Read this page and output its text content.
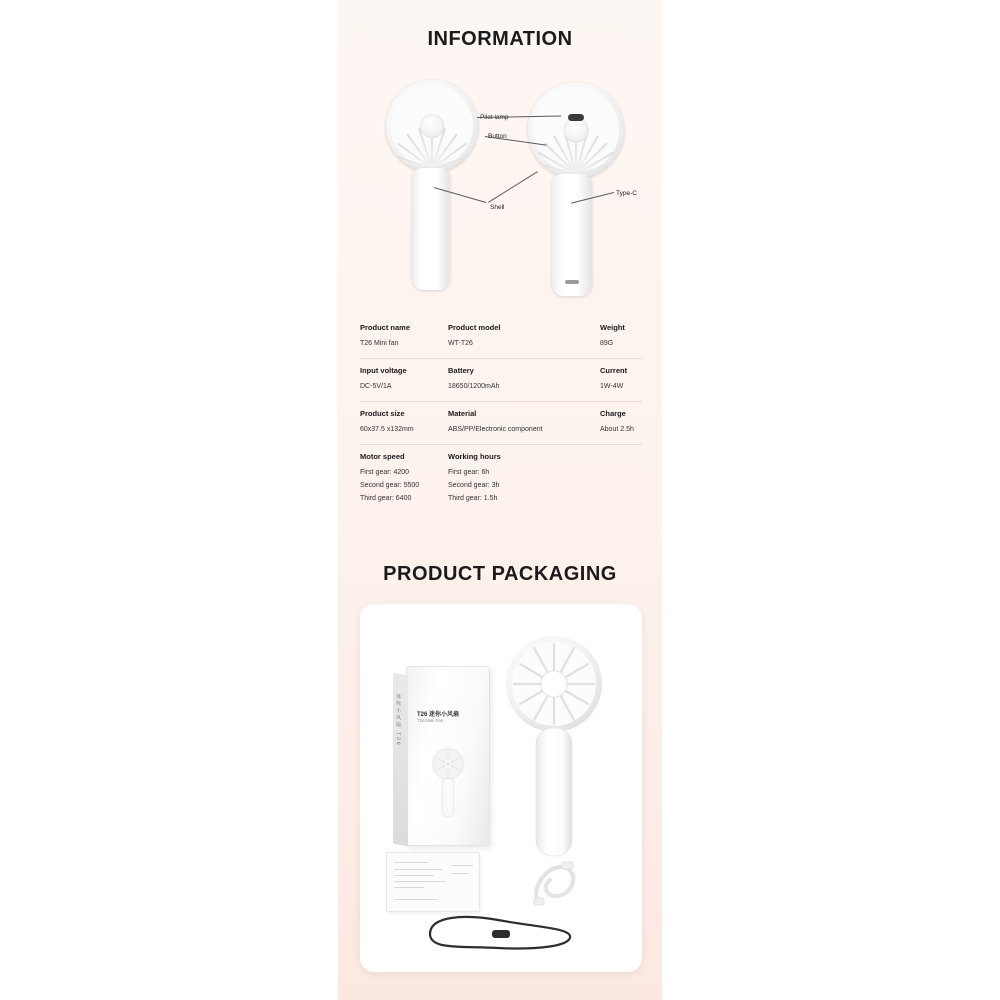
INFORMATION
Pilot lamp
Button
Shell
Type-C
Product name
T26 Mini fan
Product model
WT-T26
Weight
89G
Input voltage
DC-5V/1A
Battery
18650/1200mAh
Current
1W-4W
Product size
60x37.5 x132mm
Material
ABS/PP/Electronic component
Charge
About 2.5h
Motor speed
First gear: 4200
Second gear: 5500
Third gear: 6400
Working hours
First gear: 6h
Second gear: 3h
Third gear: 1.5h
PRODUCT PACKAGING
迷你小风扇 T26	T26 迷你小风扇
T26 Mini Fan
